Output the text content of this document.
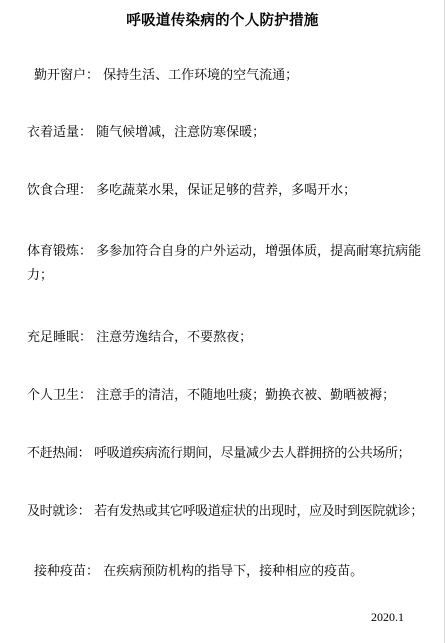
呼吸道传染病的个人防护措施
勤开窗户： 保持生活、工作环境的空气流通；
衣着适量： 随气候增减，注意防寒保暖；
饮食合理： 多吃蔬菜水果，保证足够的营养，多喝开水；
体育锻炼： 多参加符合自身的户外运动，增强体质，提高耐寒抗病能力；
充足睡眠： 注意劳逸结合，不要熬夜；
个人卫生： 注意手的清洁，不随地吐痰；勤换衣被、勤晒被褥；
不赶热闹： 呼吸道疾病流行期间，尽量减少去人群拥挤的公共场所；
及时就诊： 若有发热或其它呼吸道症状的出现时，应及时到医院就诊；
接种疫苗： 在疾病预防机构的指导下，接种相应的疫苗。
2020.1
